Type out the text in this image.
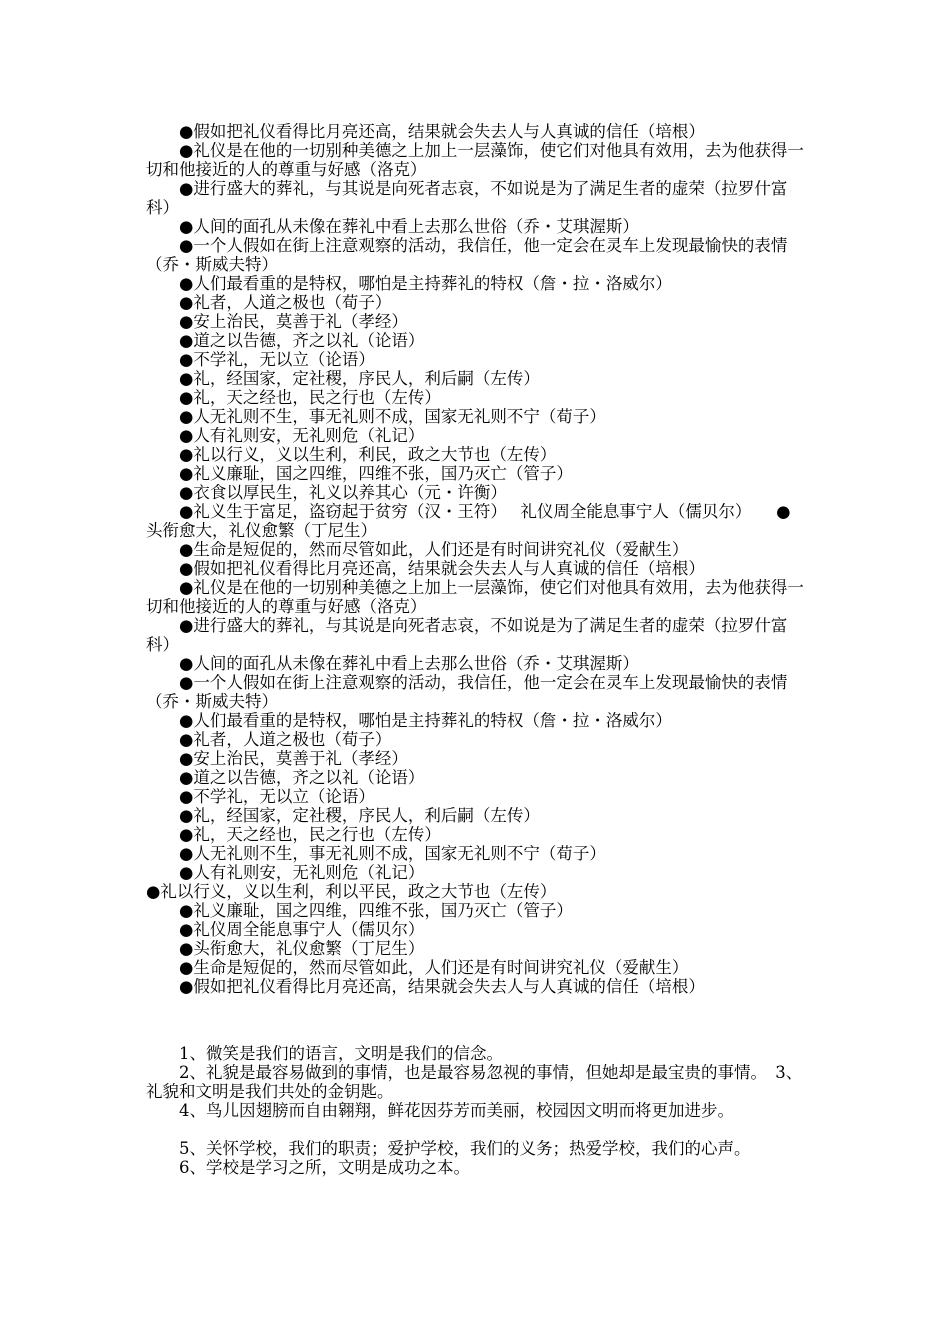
●假如把礼仪看得比月亮还高，结果就会失去人与人真诚的信任（培根）

●礼仪是在他的一切别种美德之上加上一层藻饰，使它们对他具有效用，去为他获得一切和他接近的人的尊重与好感（洛克）

●进行盛大的葬礼，与其说是向死者志哀，不如说是为了满足生者的虚荣（拉罗什富科）

●人间的面孔从未像在葬礼中看上去那么世俗（乔・艾琪渥斯）

●一个人假如在街上注意观察的活动，我信任，他一定会在灵车上发现最愉快的表情（乔・斯威夫特）

●人们最看重的是特权，哪怕是主持葬礼的特权（詹・拉・洛威尔）

●礼者，人道之极也（荀子）

●安上治民，莫善于礼（孝经）

●道之以告德，齐之以礼（论语）

●不学礼，无以立（论语）

●礼，经国家，定社稷，序民人，利后嗣（左传）

●礼，天之经也，民之行也（左传）

●人无礼则不生，事无礼则不成，国家无礼则不宁（荀子）

●人有礼则安，无礼则危（礼记）

●礼以行义，义以生利，利民，政之大节也（左传）

●礼义廉耻，国之四维，四维不张，国乃灭亡（管子）

●衣食以厚民生，礼义以养其心（元・许衡）

●礼义生于富足，盗窃起于贫穷（汉・王符）　 礼仪周全能息事宁人（儒贝尔）　　●头衔愈大，礼仪愈繁（丁尼生）

●生命是短促的，然而尽管如此，人们还是有时间讲究礼仪（爱献生）

●假如把礼仪看得比月亮还高，结果就会失去人与人真诚的信任（培根）

●礼仪是在他的一切别种美德之上加上一层藻饰，使它们对他具有效用，去为他获得一切和他接近的人的尊重与好感（洛克）

●进行盛大的葬礼，与其说是向死者志哀，不如说是为了满足生者的虚荣（拉罗什富科）

●人间的面孔从未像在葬礼中看上去那么世俗（乔・艾琪渥斯）

●一个人假如在街上注意观察的活动，我信任，他一定会在灵车上发现最愉快的表情（乔・斯威夫特）

●人们最看重的是特权，哪怕是主持葬礼的特权（詹・拉・洛威尔）

●礼者，人道之极也（荀子）

●安上治民，莫善于礼（孝经）

●道之以告德，齐之以礼（论语）

●不学礼，无以立（论语）

●礼，经国家，定社稷，序民人，利后嗣（左传）

●礼，天之经也，民之行也（左传）

●人无礼则不生，事无礼则不成，国家无礼则不宁（荀子）

●人有礼则安，无礼则危（礼记）

●礼以行义，义以生利，利以平民，政之大节也（左传）

●礼义廉耻，国之四维，四维不张，国乃灭亡（管子）

●礼仪周全能息事宁人（儒贝尔）

●头衔愈大，礼仪愈繁（丁尼生）

●生命是短促的，然而尽管如此，人们还是有时间讲究礼仪（爱献生）

●假如把礼仪看得比月亮还高，结果就会失去人与人真诚的信任（培根）

1、微笑是我们的语言，文明是我们的信念。

2、礼貌是最容易做到的事情，也是最容易忽视的事情，但她却是最宝贵的事情。　3、礼貌和文明是我们共处的金钥匙。

4、鸟儿因翅膀而自由翱翔，鲜花因芬芳而美丽，校园因文明而将更加进步。

5、关怀学校，我们的职责；爱护学校，我们的义务；热爱学校，我们的心声。

6、学校是学习之所，文明是成功之本。
